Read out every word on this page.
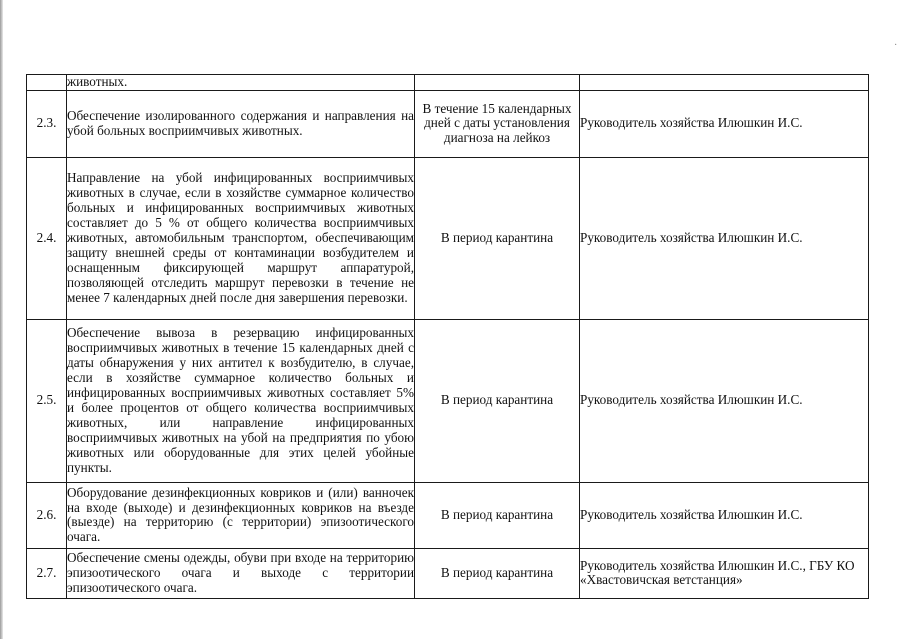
·

	животных.		

2.3.	Обеспечение изолированного содержания и направления на убой больных восприимчивых животных.	В течение 15 календарных дней с даты установления диагноза на лейкоз	Руководитель хозяйства Илюшкин И.С.
2.4.	Направление на убой инфицированных восприимчивых животных в случае, если в хозяйстве суммарное количество больных и инфицированных восприимчивых животных составляет до 5 % от общего количества восприимчивых животных, автомобильным транспортом, обеспечивающим защиту внешней среды от контаминации возбудителем и оснащенным фиксирующей маршрут аппаратурой, позволяющей отследить маршрут перевозки в течение не менее 7 календарных дней после дня завершения перевозки.	В период карантина	Руководитель хозяйства Илюшкин И.С.
2.5.	Обеспечение вывоза в резервацию инфицированных восприимчивых животных в течение 15 календарных дней с даты обнаружения у них антител к возбудителю, в случае, если в хозяйстве суммарное количество больных и инфицированных восприимчивых животных составляет 5% и более процентов от общего количества восприимчивых животных, или направление инфицированных восприимчивых животных на убой на предприятия по убою животных или оборудованные для этих целей убойные пункты.	В период карантина	Руководитель хозяйства Илюшкин И.С.
2.6.	Оборудование дезинфекционных ковриков и (или) ванночек на входе (выходе) и дезинфекционных ковриков на въезде (выезде) на территорию (с территории) эпизоотического очага.	В период карантина	Руководитель хозяйства Илюшкин И.С.
2.7.	Обеспечение смены одежды, обуви при входе на территорию эпизоотического очага и выходе с территории эпизоотического очага.	В период карантина	Руководитель хозяйства Илюшкин И.С., ГБУ КО «Хвастовичская ветстанция»
